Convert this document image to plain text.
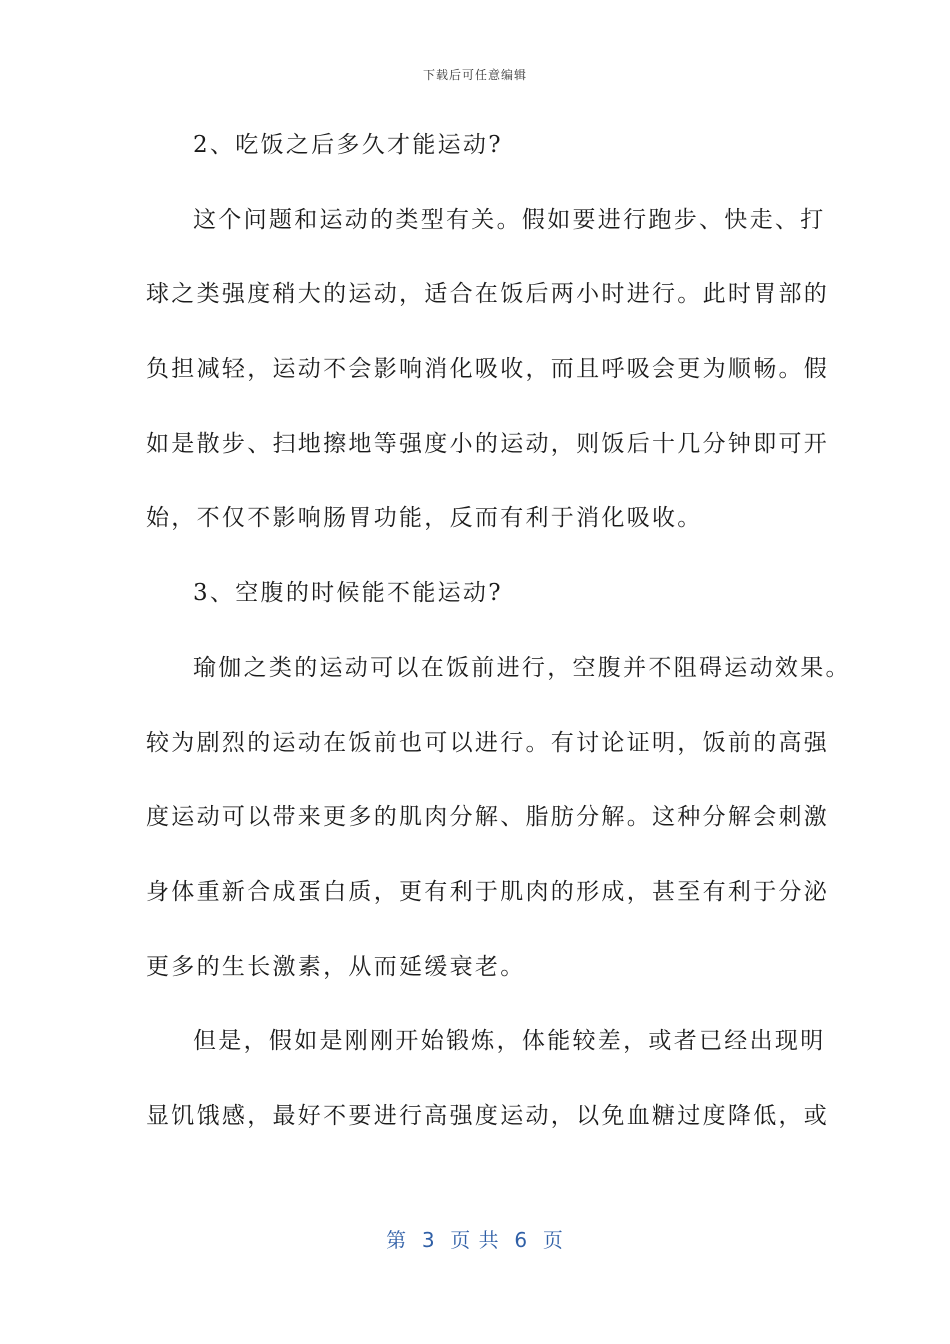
下载后可任意编辑
2、吃饭之后多久才能运动?
这个问题和运动的类型有关。假如要进行跑步、快走、打
球之类强度稍大的运动，适合在饭后两小时进行。此时胃部的
负担减轻，运动不会影响消化吸收，而且呼吸会更为顺畅。假
如是散步、扫地擦地等强度小的运动，则饭后十几分钟即可开
始，不仅不影响肠胃功能，反而有利于消化吸收。
3、空腹的时候能不能运动?
瑜伽之类的运动可以在饭前进行，空腹并不阻碍运动效果。
较为剧烈的运动在饭前也可以进行。有讨论证明，饭前的高强
度运动可以带来更多的肌肉分解、脂肪分解。这种分解会刺激
身体重新合成蛋白质，更有利于肌肉的形成，甚至有利于分泌
更多的生长激素，从而延缓衰老。
但是，假如是刚刚开始锻炼，体能较差，或者已经出现明
显饥饿感，最好不要进行高强度运动，以免血糖过度降低，或
第  3  页 共  6  页
